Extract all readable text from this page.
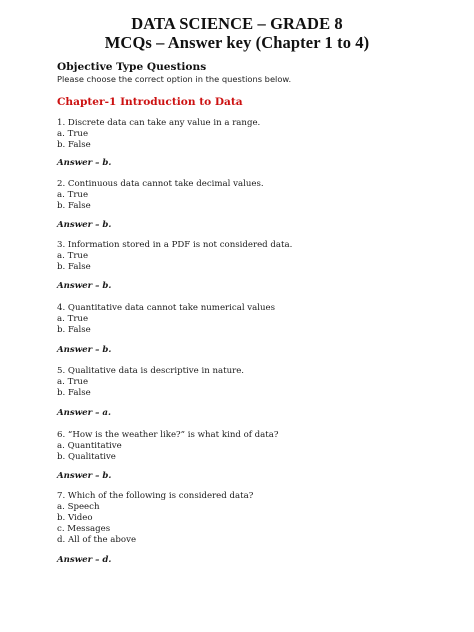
DATA SCIENCE – GRADE 8
MCQs – Answer key (Chapter 1 to 4)
Objective Type Questions
Please choose the correct option in the questions below.
Chapter-1 Introduction to Data
1. Discrete data can take any value in a range.
a. True
b. False
Answer – b.
2. Continuous data cannot take decimal values.
a. True
b. False
Answer – b.
3. Information stored in a PDF is not considered data.
a. True
b. False
Answer – b.
4. Quantitative data cannot take numerical values
a. True
b. False
Answer – b.
5. Qualitative data is descriptive in nature.
a. True
b. False
Answer – a.
6. “How is the weather like?” is what kind of data?
a. Quantitative
b. Qualitative
Answer – b.
7. Which of the following is considered data?
a. Speech
b. Video
c. Messages
d. All of the above
Answer – d.
